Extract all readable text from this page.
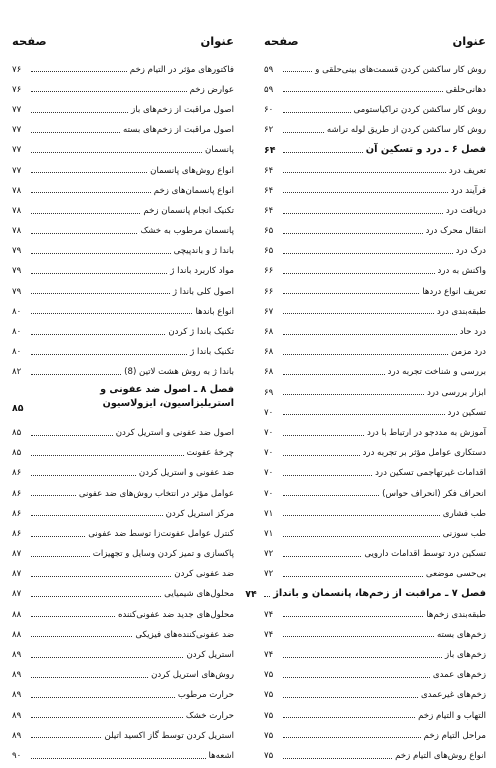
عنوان
صفحه
روش کار ساکشن کردن قسمت‌های بینی‌حلقی و
۵۹
دهانی‌حلقی
۵۹
روش کار ساکشن کردن تراکیاستومی
۶۰
روش کار ساکشن کردن از طریق لوله تراشه
۶۲
فصل ۶ ـ درد و تسکین آن
۶۴
تعریف درد
۶۴
فرآیند درد
۶۴
دریافت درد
۶۴
انتقال محرک درد
۶۵
درک درد
۶۵
واکنش به درد
۶۶
تعریف انواع دردها
۶۶
طبقه‌بندی درد
۶۷
درد حاد
۶۸
درد مزمن
۶۸
بررسی و شناخت تجربه درد
۶۸
ابزار بررسی درد
۶۹
تسکین درد
۷۰
آموزش به مددجو در ارتباط با درد
۷۰
دستکاری عوامل مؤثر بر تجربه درد
۷۰
اقدامات غیرتهاجمی تسکین درد
۷۰
انحراف فکر (انحراف حواس)
۷۰
طب فشاری
۷۱
طب سوزنی
۷۱
تسکین درد توسط اقدامات دارویی
۷۲
بی‌حسی موضعی
۷۲
فصل ۷ ـ مراقبت از زخم‌ها، پانسمان و بانداژ
۷۴
طبقه‌بندی زخم‌ها
۷۴
زخم‌های بسته
۷۴
زخم‌های باز
۷۴
زخم‌های عمدی
۷۵
زخم‌های غیرعمدی
۷۵
التهاب و التیام زخم
۷۵
مراحل التیام زخم
۷۵
انواع روش‌های التیام زخم
۷۵
عنوان
صفحه
فاکتورهای مؤثر در التیام زخم
۷۶
عوارض زخم
۷۶
اصول مراقبت از زخم‌های باز
۷۷
اصول مراقبت از زخم‌های بسته
۷۷
پانسمان
۷۷
انواع روش‌های پانسمان
۷۷
انواع پانسمان‌های زخم
۷۸
تکنیک انجام پانسمان زخم
۷۸
پانسمان مرطوب به خشک
۷۸
باندا ژ و باندپیچی
۷۹
مواد کاربرد باندا ژ
۷۹
اصول کلی باندا ژ
۷۹
انواع باندها
۸۰
تکنیک باندا ژ کردن
۸۰
تکنیک باندا ژ
۸۰
باندا ژ به روش هشت لاتین (8)
۸۲
فصل ۸ ـ اصول ضد عفونی و استریلیزاسیون، ایزولاسیون
۸۵
اصول ضد عفونی و استریل کردن
۸۵
چرخهٔ عفونت
۸۵
ضد عفونی و استریل کردن
۸۶
عوامل مؤثر در انتخاب روش‌های ضد عفونی
۸۶
مرکز استریل کردن
۸۶
کنترل عوامل عفونت‌زا توسط ضد عفونی
۸۶
پاکسازی و تمیز کردن وسایل و تجهیزات
۸۷
ضد عفونی کردن
۸۷
محلول‌های شیمیایی
۸۷
محلول‌های جدید ضد عفونی‌کننده
۸۸
ضد عفونی‌کننده‌های فیزیکی
۸۸
استریل کردن
۸۹
روش‌های استریل کردن
۸۹
حرارت مرطوب
۸۹
حرارت خشک
۸۹
استریل کردن توسط گاز اکسید اتیلن
۸۹
اشعه‌ها
۹۰
